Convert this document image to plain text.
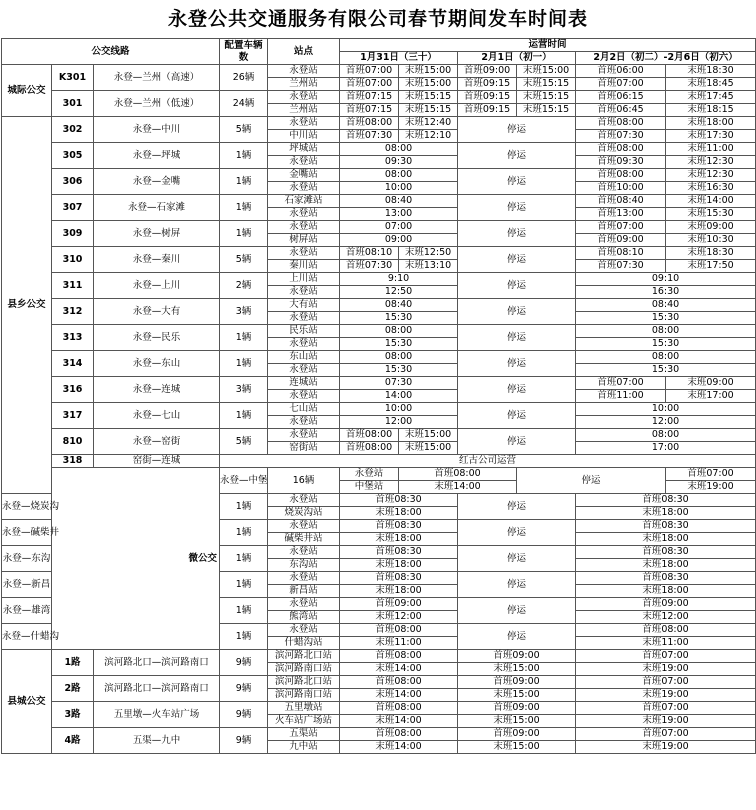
永登公共交通服务有限公司春节期间发车时间表
公交线路			配置车辆数	站点	运营时间					
					1月31日（三十）		2月1日（初一）		2月2日（初二）-2月6日（初六）	
城际公交	K301	永登—兰州（高速）	26辆	永登站	首班07:00	末班15:00	首班09:00	末班15:00	首班06:00	末班18:30
				兰州站	首班07:00	末班15:00	首班09:15	末班15:15	首班07:00	末班18:45
	301	永登—兰州（低速）	24辆	永登站	首班07:15	末班15:15	首班09:15	末班15:15	首班06:15	末班17:45
				兰州站	首班07:15	末班15:15	首班09:15	末班15:15	首班06:45	末班18:15
县乡公交	302	永登—中川	5辆	永登站	首班08:00	末班12:40	停运		首班08:00	末班18:00
				中川站	首班07:30	末班12:10			首班07:30	末班17:30
	305	永登—坪城	1辆	坪城站	08:00		停运		首班08:00	末班11:00
				永登站	09:30				首班09:30	末班12:30
	306	永登—金嘴	1辆	金嘴站	08:00		停运		首班08:00	末班12:30
				永登站	10:00				首班10:00	末班16:30
	307	永登—石家滩	1辆	石家滩站	08:40		停运		首班08:40	末班14:00
				永登站	13:00				首班13:00	末班15:30
	309	永登—树屏	1辆	永登站	07:00		停运		首班07:00	末班09:00
				树屏站	09:00				首班09:00	末班10:30
	310	永登—秦川	5辆	永登站	首班08:10	末班12:50	停运		首班08:10	末班18:30
				秦川站	首班07:30	末班13:10			首班07:30	末班17:50
	311	永登—上川	2辆	上川站	9:10		停运		09:10	
				永登站	12:50				16:30	
	312	永登—大有	3辆	大有站	08:40		停运		08:40	
				永登站	15:30				15:30	
	313	永登—民乐	1辆	民乐站	08:00		停运		08:00	
				永登站	15:30				15:30	
	314	永登—东山	1辆	东山站	08:00		停运		08:00	
				永登站	15:30				15:30	
	316	永登—连城	3辆	连城站	07:30		停运		首班07:00	末班09:00
				永登站	14:00				首班11:00	末班17:00
	317	永登—七山	1辆	七山站	10:00		停运		10:00	
				永登站	12:00				12:00	
	810	永登—窑街	5辆	永登站	首班08:00	末班15:00	停运		08:00	
				窑街站	首班08:00	末班15:00			17:00	
	318	窑街—连城	红古公司运营							

	微公交		永登—中堡	16辆	永登站	首班08:00		停运		首班07:00
					中堡站	末班14:00				末班19:00
永登—烧炭沟			1辆	永登站	首班08:30		停运		首班08:30	
				烧炭沟站	末班18:00				末班18:00	
永登—碱柴井			1辆	永登站	首班08:30		停运		首班08:30	
				碱柴井站	末班18:00				末班18:00	
永登—东沟			1辆	永登站	首班08:30		停运		首班08:30	
				东沟站	末班18:00				末班18:00	
永登—新昌			1辆	永登站	首班08:30		停运		首班08:30	
				新昌站	末班18:00				末班18:00	
永登—雄湾			1辆	永登站	首班09:00		停运		首班09:00	
				熊湾站	末班12:00				末班12:00	
永登—什蜡沟			1辆	永登站	首班08:00		停运		首班08:00	
				什蜡沟站	末班11:00				末班11:00	
县城公交	1路	滨河路北口—滨河路南口	9辆	滨河路北口站	首班08:00		首班09:00		首班07:00	
				滨河路南口站	末班14:00		末班15:00		末班19:00	
	2路	滨河路北口—滨河路南口	9辆	滨河路北口站	首班08:00		首班09:00		首班07:00	
				滨河路南口站	末班14:00		末班15:00		末班19:00	
	3路	五里墩—火车站广场	9辆	五里墩站	首班08:00		首班09:00		首班07:00	
				火车站广场站	末班14:00		末班15:00		末班19:00	
	4路	五渠—九中	9辆	五渠站	首班08:00		首班09:00		首班07:00	
				九中站	末班14:00		末班15:00		末班19:00	
